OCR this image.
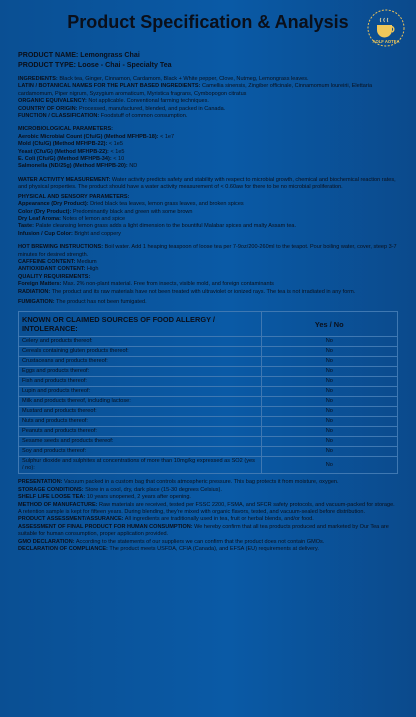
Product Specification & Analysis
AOLF AOTEA
PRODUCT NAME: Lemongrass Chai
PRODUCT TYPE: Loose - Chai - Specialty Tea

INGREDIENTS: Black tea, Ginger, Cinnamon, Cardamom, Black + White pepper, Clove, Nutmeg, Lemongrass leaves.

LATIN / BOTANICAL NAMES FOR THE PLANT BASED INGREDIENTS: Camellia sinensis, Zingiber officinale, Cinnamomum loureirii, Elettaria cardamomum, Piper nigrum, Syzygium aromaticum, Myristica fragrans, Cymbopogon citratus

ORGANIC EQUIVALENCY: Not applicable. Conventional farming techniques.

COUNTRY OF ORIGIN: Processed, manufactured, blended, and packed in Canada.

FUNCTION / CLASSIFICATION: Foodstuff of common consumption.

MICROBIOLOGICAL PARAMETERS:

Aerobic Microbial Count (Cfu/G) (Method MFHPB-18): < 1e7

Mold (Cfu/G) (Method MFHPB-22): < 1e5

Yeast (Cfu/G) (Method MFHPB-22): < 1e5

E. Coli (Cfu/G) (Method MFHPB-34): < 10

Salmonella (ND/25g) (Method MFHPB-20): ND

WATER ACTIVITY MEASUREMENT: Water activity predicts safety and stability with respect to microbial growth, chemical and biochemical reaction rates, and physical properties. The product should have a water activity measurement of < 0.60aw for there to be no microbial proliferation.

PHYSICAL AND SENSORY PARAMETERS:

Appearance (Dry Product): Dried black tea leaves, lemon grass leaves, and broken spices

Color (Dry Product): Predominantly black and green with some brown

Dry Leaf Aroma: Notes of lemon and spice

Taste: Palate cleansing lemon grass adds a light dimension to the bountiful Malabar spices and malty Assam tea.

Infusion / Cup Color: Bright and coppery

HOT BREWING INSTRUCTIONS: Boil water. Add 1 heaping teaspoon of loose tea per 7-9oz/200-260ml to the teapot. Pour boiling water, cover, steep 3-7 minutes for desired strength.

CAFFEINE CONTENT: Medium

ANTIOXIDANT CONTENT: High

QUALITY REQUIREMENTS:

Foreign Matters: Max. 2% non-plant material. Free from insects, visible mold, and foreign contaminants

RADIATION: The product and its raw materials have not been treated with ultraviolet or ionized rays. The tea is not irradiated in any form.

FUMIGATION: The product has not been fumigated.

KNOWN OR CLAIMED SOURCES OF FOOD ALLERGY / INTOLERANCE:	Yes / No
Celery and products thereof:	No
Cereals containing gluten products thereof:	No
Crustaceans and products thereof:	No
Eggs and products thereof:	No
Fish and products thereof:	No
Lupin and products thereof:	No
Milk and products thereof, including lactose:	No
Mustard and products thereof:	No
Nuts and products thereof:	No
Peanuts and products thereof:	No
Sesame seeds and products thereof:	No
Soy and products thereof:	No
Sulphur dioxide and sulphites at concentrations of more than 10mg/kg expressed as SO2 (yes / no):	No

PRESENTATION: Vacuum packed in a custom bag that controls atmospheric pressure. This bag protects it from moisture, oxygen.

STORAGE CONDITIONS: Store in a cool, dry, dark place (15-30 degrees Celsius).

SHELF LIFE LOOSE TEA: 10 years unopened, 2 years after opening.

METHOD OF MANUFACTURE: Raw materials are received, tested per FSSC 2200, FSMA, and SFCR safety protocols, and vacuum-packed for storage. A retention sample is kept for fifteen years. During blending, they're mixed with organic flavors, tested, and vacuum-sealed before distribution.

PRODUCT ASSESSMENT/ASSURANCE: All ingredients are traditionally used in tea, fruit or herbal blends, and/or food.

ASSESSMENT OF FINAL PRODUCT FOR HUMAN CONSUMPTION: We hereby confirm that all tea products produced and marketed by Our Tea are suitable for human consumption, proper application provided.

GMO DECLARATION: According to the statements of our suppliers we can confirm that the product does not contain GMOs.

DECLARATION OF COMPLIANCE: The product meets USFDA, CFIA (Canada), and EFSA (EU) requirements at delivery.
